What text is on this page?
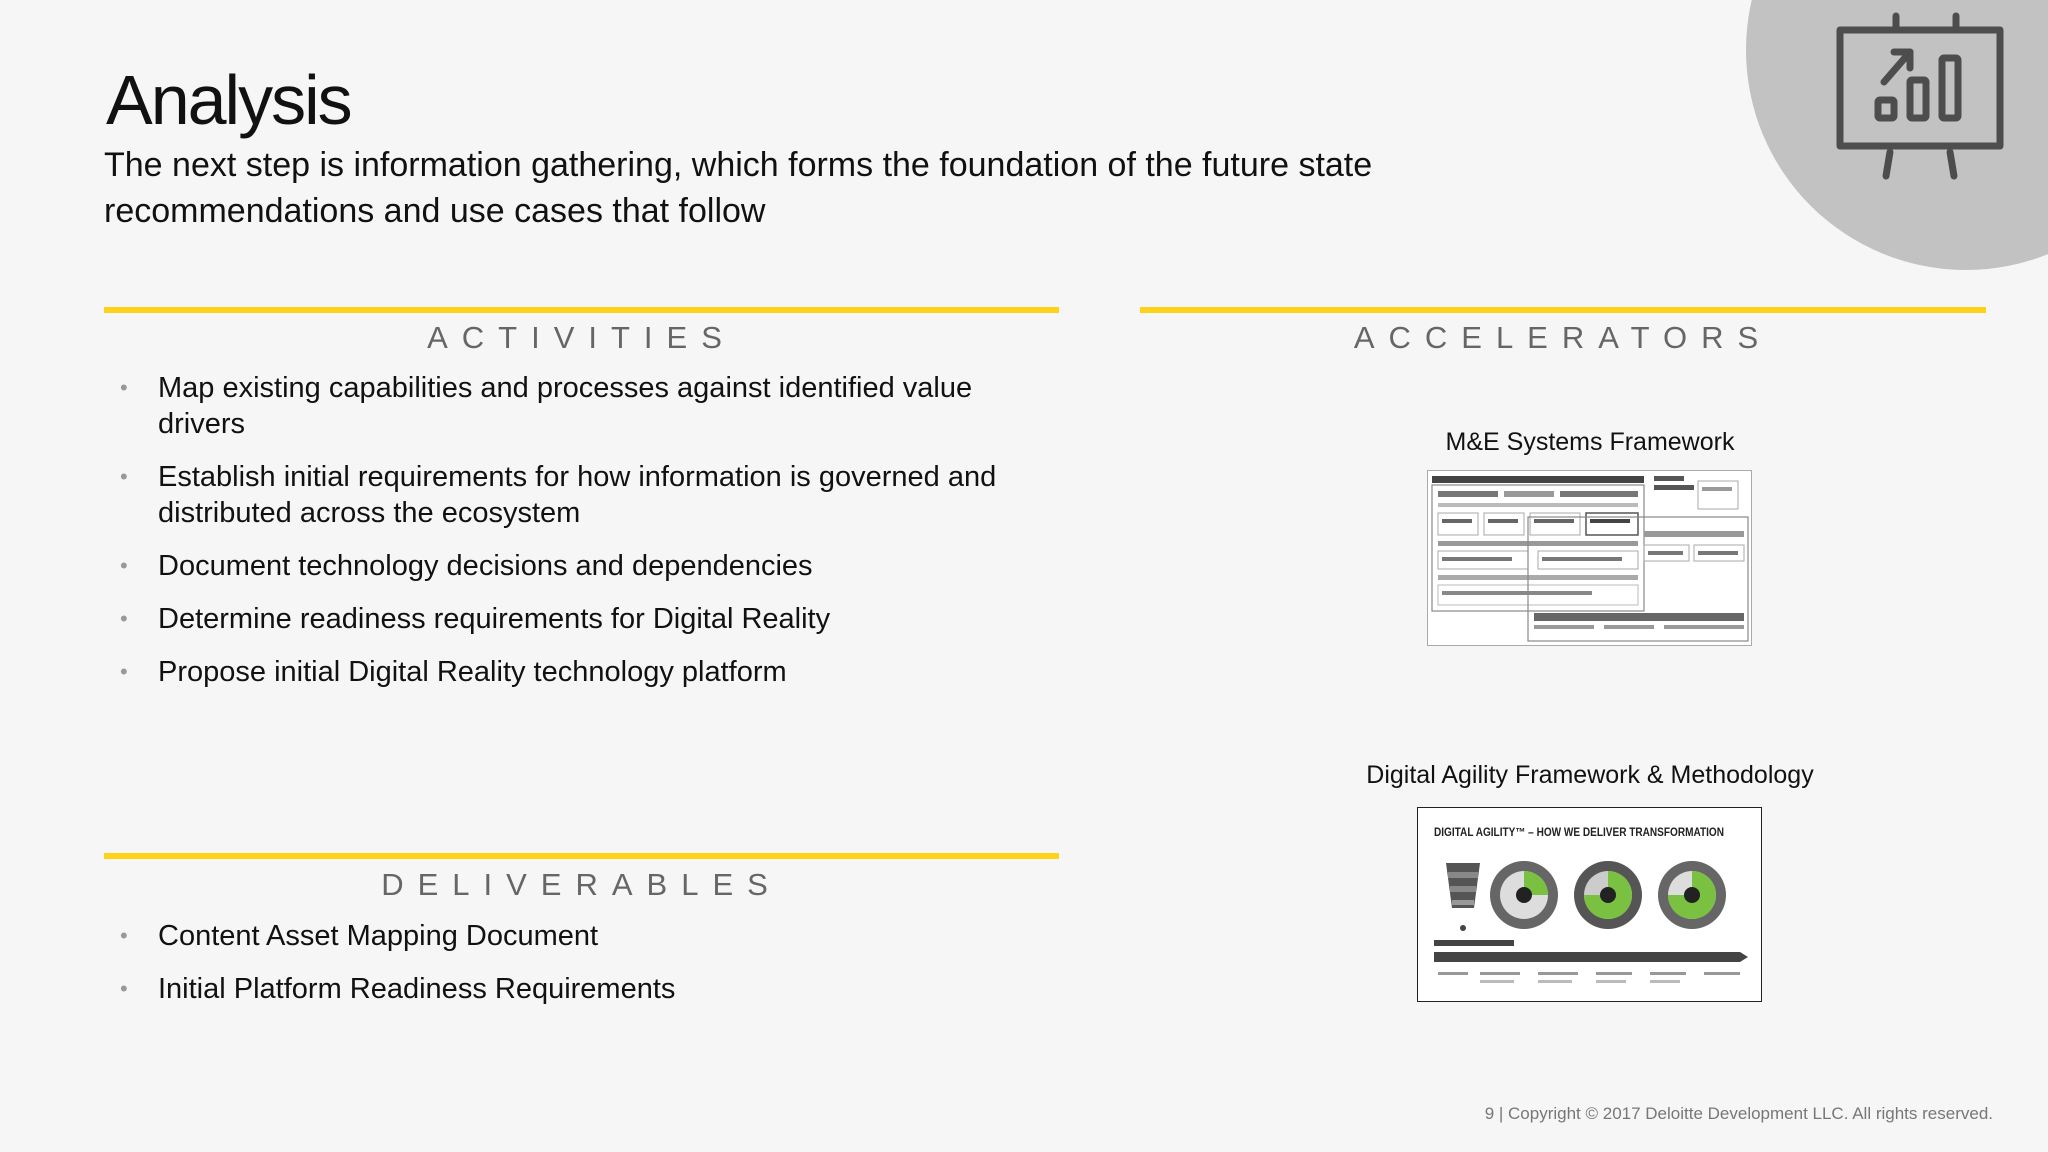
Analysis
The next step is information gathering, which forms the foundation of the future state recommendations and use cases that follow
ACTIVITIES
• Map existing capabilities and processes against identified value drivers
• Establish initial requirements for how information is governed and distributed across the ecosystem
• Document technology decisions and dependencies
• Determine readiness requirements for Digital Reality
• Propose initial Digital Reality technology platform
DELIVERABLES
• Content Asset Mapping Document
• Initial Platform Readiness Requirements
ACCELERATORS
M&E Systems Framework
Digital Agility Framework & Methodology
DIGITAL AGILITY™ – HOW WE DELIVER TRANSFORMATION
9 | Copyright © 2017 Deloitte Development LLC. All rights reserved.
